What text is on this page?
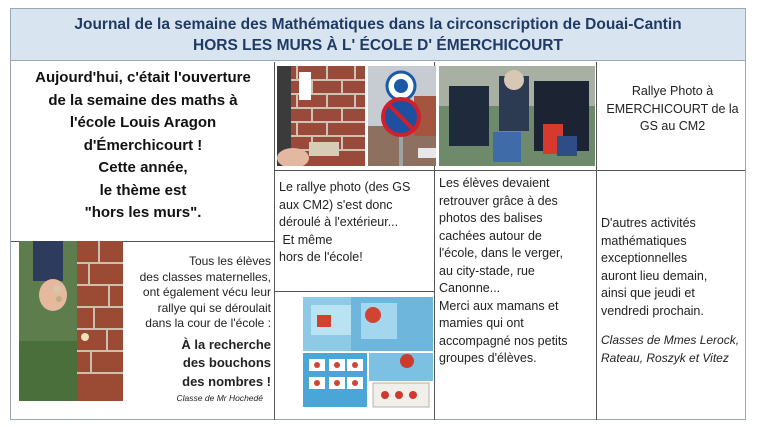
Journal de la semaine des Mathématiques dans la circonscription de Douai-Cantin
HORS LES MURS À L' ÉCOLE D' ÉMERCHICOURT
Aujourd'hui, c'était l'ouverture
de la semaine des maths à
l'école Louis Aragon
d'Émerchicourt !
Cette année,
le thème est
"hors les murs".
Rallye Photo à
EMERCHICOURT de la
GS au CM2
Le rallye photo (des GS
aux CM2) s'est donc
déroulé à l'extérieur...
Et même
hors de l'école!
Les élèves devaient
retrouver grâce à des
photos des balises
cachées autour de
l'école, dans le verger,
au city-stade, rue
Canonne...
Merci aux mamans et
mamies qui ont
accompagné nos petits
groupes d'élèves.
D'autres activités
mathématiques
exceptionnelles
auront lieu demain,
ainsi que jeudi et
vendredi prochain.
Classes de Mmes Lerock,
Rateau, Roszyk et Vitez
Tous les élèves
des classes maternelles,
ont également vécu leur
rallye qui se déroulait
dans la cour de l'école :
À la recherche
des bouchons
des nombres !
Classe de Mr Hochedé
